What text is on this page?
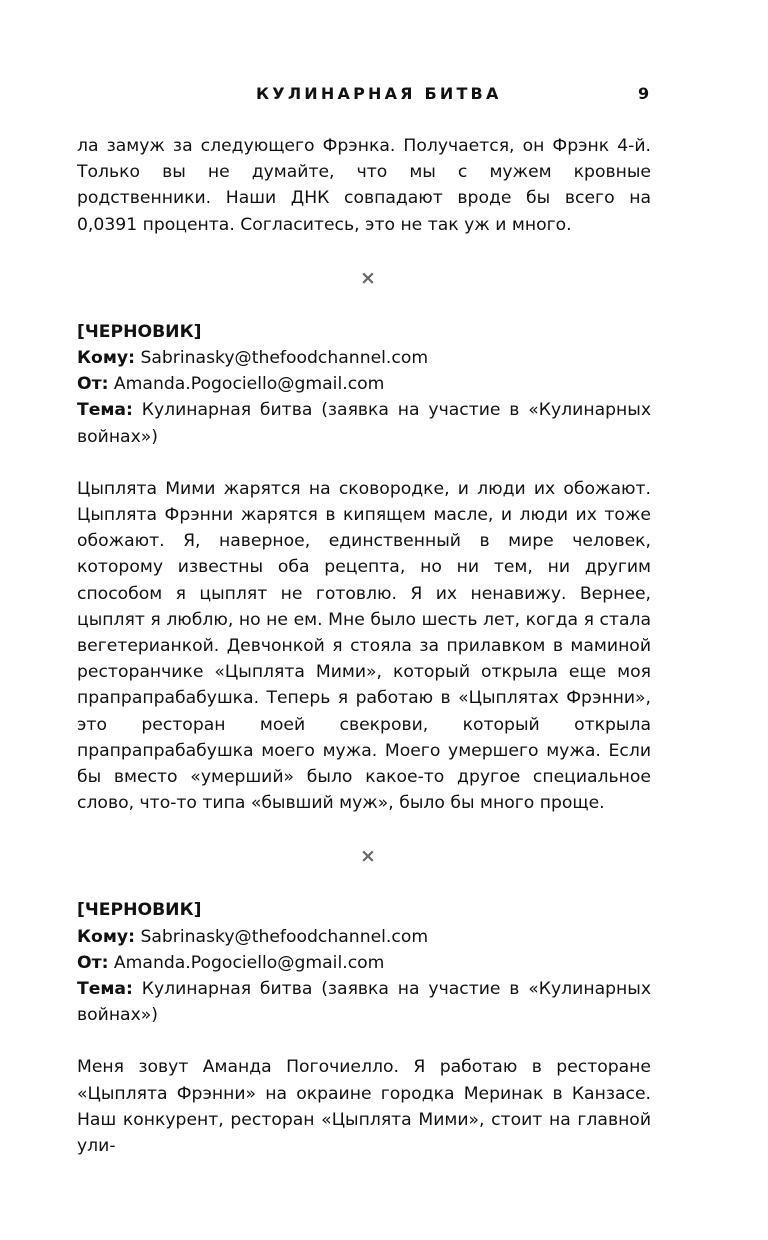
КУЛИНАРНАЯ БИТВА	9

ла замуж за следующего Фрэнка. Получается, он Фрэнк 4-й. Только вы не думайте, что мы с мужем кровные родственники. Наши ДНК совпадают вроде бы всего на 0,0391 процента. Согласитесь, это не так уж и много.

×
[ЧЕРНОВИК]
Кому: Sabrinasky@thefoodchannel.com
От: Amanda.Pogociello@gmail.com

Тема: Кулинарная битва (заявка на участие в «Кулинарных войнах»)

Цыплята Мими жарятся на сковородке, и люди их обожают. Цыплята Фрэнни жарятся в кипящем масле, и люди их тоже обожают. Я, наверное, единственный в мире человек, которому известны оба рецепта, но ни тем, ни другим способом я цыплят не готовлю. Я их ненавижу. Вернее, цыплят я люблю, но не ем. Мне было шесть лет, когда я стала вегетерианкой. Девчонкой я стояла за прилавком в маминой ресторанчике «Цыплята Мими», который открыла еще моя прапрапрабабушка. Теперь я работаю в «Цыплятах Фрэнни», это ресторан моей свекрови, который открыла прапрапрабабушка моего мужа. Моего умершего мужа. Если бы вместо «умерший» было какое-то другое специальное слово, что-то типа «бывший муж», было бы много проще.

×
[ЧЕРНОВИК]
Кому: Sabrinasky@thefoodchannel.com
От: Amanda.Pogociello@gmail.com

Тема: Кулинарная битва (заявка на участие в «Кулинарных войнах»)

Меня зовут Аманда Погочиелло. Я работаю в ресторане «Цыплята Фрэнни» на окраине городка Меринак в Канзасе. Наш конкурент, ресторан «Цыплята Мими», стоит на главной ули-
